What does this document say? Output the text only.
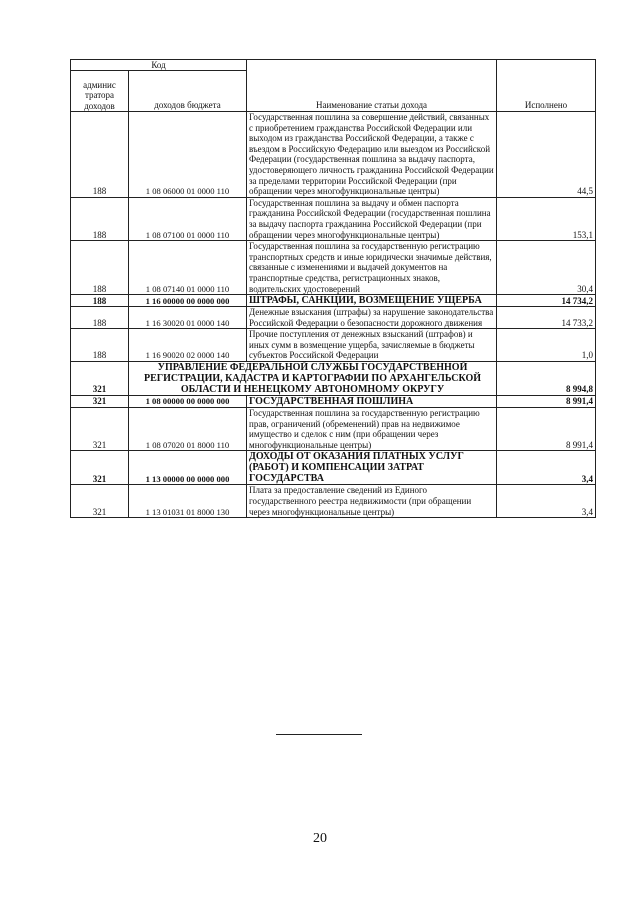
Код		Наименование статьи дохода	Исполнено
админис тратора доходов	доходов бюджета		
188	1 08 06000 01 0000 110	Государственная пошлина за совершение действий, связанных с приобретением гражданства Российской Федерации или выходом из гражданства Российской Федерации, а также с въездом в Российскую Федерацию или выездом из Российской Федерации (государственная пошлина за выдачу паспорта, удостоверяющего личность гражданина Российской Федерации за пределами территории Российской Федерации (при обращении через многофункциональные центры)	44,5
188	1 08 07100 01 0000 110	Государственная пошлина за выдачу и обмен паспорта гражданина Российской Федерации (государственная пошлина за выдачу паспорта гражданина Российской Федерации (при обращении через многофункциональные центры)	153,1
188	1 08 07140 01 0000 110	Государственная пошлина за государственную регистрацию транспортных средств и иные юридически значимые действия, связанные с изменениями и выдачей документов на транспортные средства, регистрационных знаков, водительских удостоверений	30,4
188	1 16 00000 00 0000 000	ШТРАФЫ, САНКЦИИ, ВОЗМЕЩЕНИЕ УЩЕРБА	14 734,2
188	1 16 30020 01 0000 140	Денежные взыскания (штрафы) за нарушение законодательства Российской Федерации о безопасности дорожного движения	14 733,2
188	1 16 90020 02 0000 140	Прочие поступления от денежных взысканий (штрафов) и иных сумм в возмещение ущерба, зачисляемые в бюджеты субъектов Российской Федерации	1,0
321	УПРАВЛЕНИЕ ФЕДЕРАЛЬНОЙ СЛУЖБЫ ГОСУДАРСТВЕННОЙ РЕГИСТРАЦИИ, КАДАСТРА И КАРТОГРАФИИ ПО АРХАНГЕЛЬСКОЙ ОБЛАСТИ И НЕНЕЦКОМУ АВТОНОМНОМУ ОКРУГУ		8 994,8
321	1 08 00000 00 0000 000	ГОСУДАРСТВЕННАЯ ПОШЛИНА	8 991,4
321	1 08 07020 01 8000 110	Государственная пошлина за государственную регистрацию прав, ограничений (обременений) прав на недвижимое имущество и сделок с ним (при обращении через многофункциональные центры)	8 991,4
321	1 13 00000 00 0000 000	ДОХОДЫ ОТ ОКАЗАНИЯ ПЛАТНЫХ УСЛУГ (РАБОТ) И КОМПЕНСАЦИИ ЗАТРАТ ГОСУДАРСТВА	3,4
321	1 13 01031 01 8000 130	Плата за предоставление сведений из Единого государственного реестра недвижимости (при обращении через многофункциональные центры)	3,4
20
